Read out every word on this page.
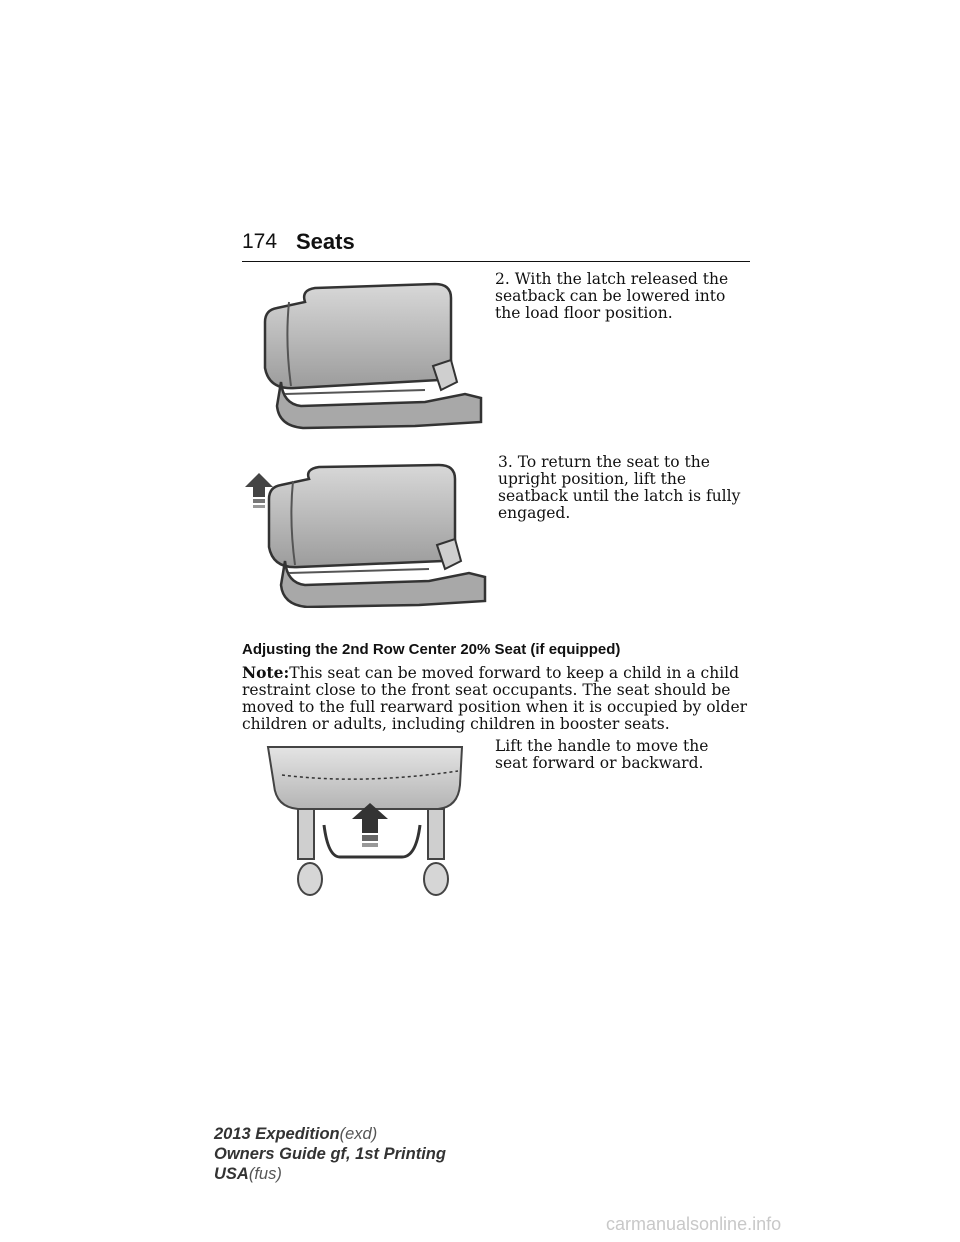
174 Seats
2. With the latch released the seatback can be lowered into the load floor position.
3. To return the seat to the upright position, lift the seatback until the latch is fully engaged.
Adjusting the 2nd Row Center 20% Seat (if equipped)
Note:This seat can be moved forward to keep a child in a child restraint close to the front seat occupants. The seat should be moved to the full rearward position when it is occupied by older children or adults, including children in booster seats.
Lift the handle to move the seat forward or backward.
2013 Expedition(exd)
Owners Guide gf, 1st Printing
USA(fus)
carmanualsonline.info
